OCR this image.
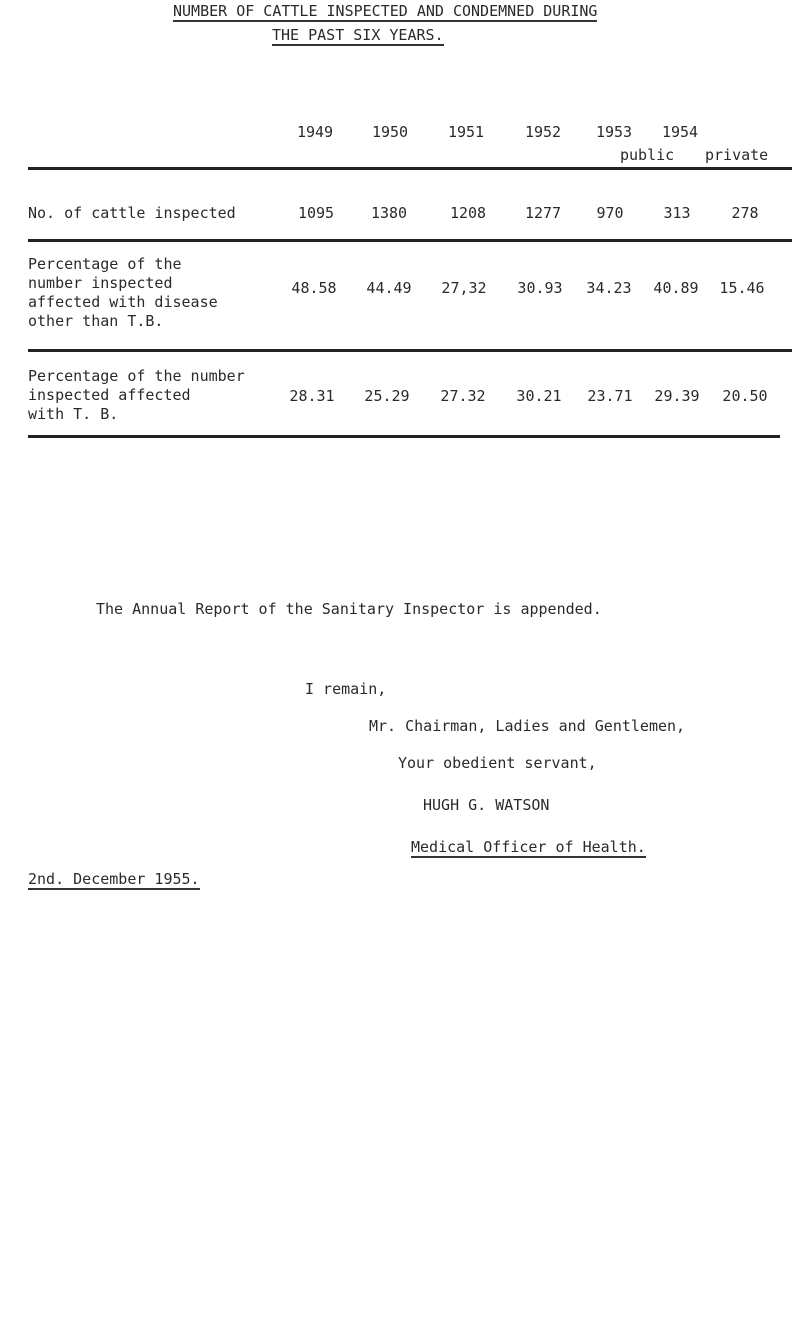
NUMBER OF CATTLE INSPECTED AND CONDEMNED DURING
THE PAST SIX YEARS.
1949	1950	1951	1952	1953	1954
public private
No. of cattle inspected	1095	1380	1208	1277	970	313	278
Percentage of the
number inspected
affected with disease
other than T.B.
48.58	44.49	27,32	30.93	34.23	40.89	15.46
Percentage of the number
inspected affected
with T. B.
28.31	25.29	27.32	30.21	23.71	29.39	20.50
The Annual Report of the Sanitary Inspector is appended.
I remain,
Mr. Chairman, Ladies and Gentlemen,
Your obedient servant,
HUGH G. WATSON
Medical Officer of Health.
2nd. December 1955.
